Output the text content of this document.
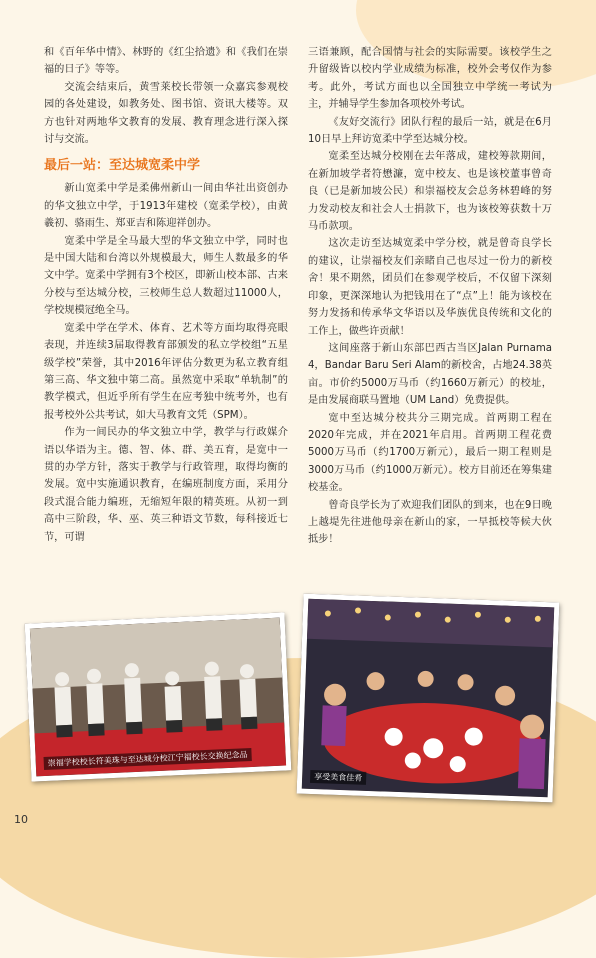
和《百年华中情》、林野的《红尘拾遗》和《我们在崇福的日子》等等。

交流会结束后，黄雪莱校长带领一众嘉宾参观校园的各处建设，如教务处、图书馆、资讯大楼等。双方也针对两地华文教育的发展、教育理念进行深入探讨与交流。

最后一站：至达城宽柔中学

新山宽柔中学是柔佛州新山一间由华社出资创办的华文独立中学，于1913年建校（宽柔学校），由黄羲初、骆雨生、郑亚吉和陈迎祥创办。

宽柔中学是全马最大型的华文独立中学，同时也是中国大陆和台湾以外规模最大，师生人数最多的华文中学。宽柔中学拥有3个校区，即新山校本部、古来分校与至达城分校，三校师生总人数超过11000人，学校规模冠绝全马。

宽柔中学在学术、体育、艺术等方面均取得亮眼表现，并连续3届取得教育部颁发的私立学校组“五星级学校”荣誉，其中2016年评估分数更为私立教育组第三高、华文独中第二高。虽然宽中采取“单轨制”的教学模式，但近乎所有学生在应考独中统考外，也有报考校外公共考试，如大马教育文凭（SPM）。

作为一间民办的华文独立中学，教学与行政媒介语以华语为主。德、智、体、群、美五育，是宽中一贯的办学方针，落实于教学与行政管理，取得均衡的发展。宽中实施通识教育，在编班制度方面，采用分段式混合能力编班，无缩短年限的精英班。从初一到高中三阶段，华、巫、英三种语文节数，每科接近七节，可谓

三语兼顾，配合国情与社会的实际需要。该校学生之升留级皆以校内学业成绩为标准，校外会考仅作为参考。此外，考试方面也以全国独立中学统一考试为主，并辅导学生参加各项校外考试。

《友好交流行》团队行程的最后一站，就是在6月10日早上拜访宽柔中学至达城分校。

宽柔至达城分校刚在去年落成，建校筹款期间，在新加坡学者符懋濂，宽中校友、也是该校董事曾奇良（已是新加坡公民）和崇福校友会总务林碧峰的努力发动校友和社会人士捐款下，也为该校筹获数十万马币款项。

这次走访至达城宽柔中学分校，就是曾奇良学长的建议，让崇福校友们亲睹自己也尽过一份力的新校舍！果不期然，团员们在参观学校后，不仅留下深刻印象，更深深地认为把钱用在了“点”上！能为该校在努力发扬和传承华文华语以及华族优良传统和文化的工作上，做些许贡献！

这间座落于新山东部巴西古当区Jalan Purnama 4，Bandar Baru Seri Alam的新校舍，占地24.38英亩。市价约5000万马币（约1660万新元）的校址，是由发展商联马置地（UM Land）免费提供。

宽中至达城分校共分三期完成。首两期工程在2020年完成，并在2021年启用。首两期工程花费5000万马币（约1700万新元），最后一期工程则是3000万马币（约1000万新元）。校方目前还在筹集建校基金。

曾奇良学长为了欢迎我们团队的到来，也在9日晚上越堤先往进他母亲在新山的家，一早抵校等候大伙抵步！

崇福学校校长符美珠与至达城分校江宁福校长交换纪念品
享受美食佳肴
10
